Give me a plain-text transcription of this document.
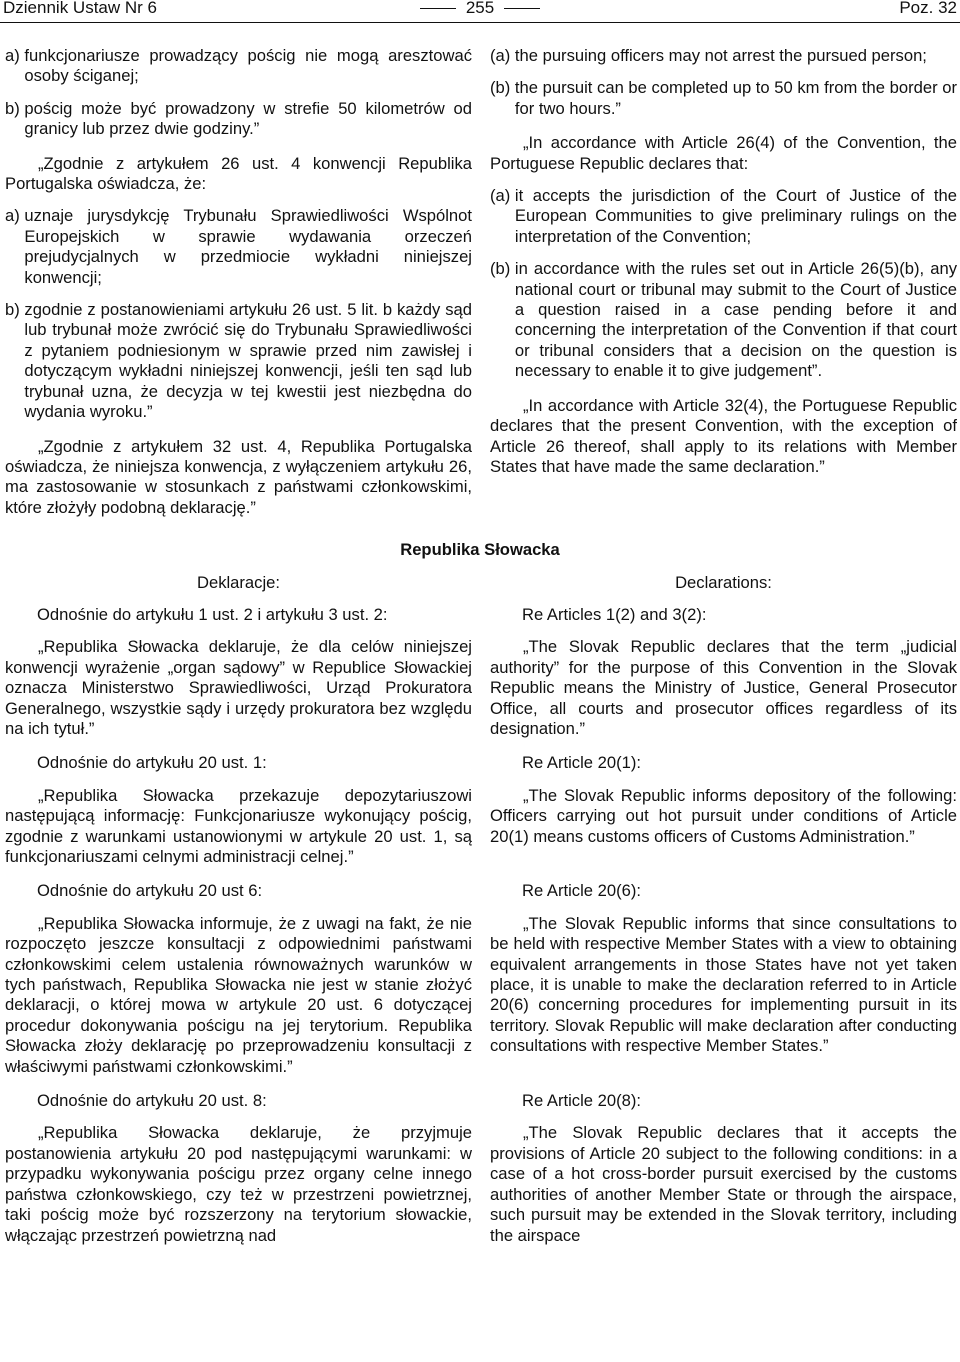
Dziennik Ustaw Nr 6	255	Poz. 32
a)
funkcjonariusze prowadzący pościg nie mogą aresztować osoby ściganej;
b)
pościg może być prowadzony w strefie 50 kilometrów od granicy lub przez dwie godziny.”

„Zgodnie z artykułem 26 ust. 4 konwencji Republika Portugalska oświadcza, że:

a)
uznaje jurysdykcję Trybunału Sprawiedliwości Wspólnot Europejskich w sprawie wydawania orzeczeń prejudycjalnych w przedmiocie wykładni niniejszej konwencji;
b)
zgodnie z postanowieniami artykułu 26 ust. 5 lit. b każdy sąd lub trybunał może zwrócić się do Trybunału Sprawiedliwości z pytaniem podniesionym w sprawie przed nim zawisłej i dotyczącym wykładni niniejszej konwencji, jeśli ten sąd lub trybunał uzna, że decyzja w tej kwestii jest niezbędna do wydania wyroku.”

„Zgodnie z artykułem 32 ust. 4, Republika Portugalska oświadcza, że niniejsza konwencja, z wyłączeniem artykułu 26, ma zastosowanie w stosunkach z państwami członkowskimi, które złożyły podobną deklarację.”

(a)
the pursuing officers may not arrest the pursued person;
(b)
the pursuit can be completed up to 50 km from the border or for two hours.”

„In accordance with Article 26(4) of the Convention, the Portuguese Republic declares that:

(a)
it accepts the jurisdiction of the Court of Justice of the European Communities to give preliminary rulings on the interpretation of the Convention;
(b)
in accordance with the rules set out in Article 26(5)(b), any national court or tribunal may submit to the Court of Justice a question raised in a case pending before it and concerning the interpretation of the Convention if that court or tribunal considers that a decision on the question is necessary to enable it to give judgement”.

„In accordance with Article 32(4), the Portuguese Republic declares that the present Convention, with the exception of Article 26 thereof, shall apply to its relations with Member States that have made the same declaration.”

Republika Słowacka
Deklaracje:	Declarations:

Odnośnie do artykułu 1 ust. 2 i artykułu 3 ust. 2:

„Republika Słowacka deklaruje, że dla celów niniejszej konwencji wyrażenie „organ sądowy” w Republice Słowackiej oznacza Ministerstwo Sprawiedliwości, Urząd Prokuratora Generalnego, wszystkie sądy i urzędy prokuratora bez względu na ich tytuł.”

Re Articles 1(2) and 3(2):

„The Slovak Republic declares that the term „judicial authority” for the purpose of this Convention in the Slovak Republic means the Ministry of Justice, General Prosecutor Office, all courts and prosecutor offices regardless of its designation.”

Odnośnie do artykułu 20 ust. 1:

„Republika Słowacka przekazuje depozytariuszowi następującą informację: Funkcjonariusze wykonujący pościg, zgodnie z warunkami ustanowionymi w artykule 20 ust. 1, są funkcjonariuszami celnymi administracji celnej.”

Re Article 20(1):

„The Slovak Republic informs depository of the following: Officers carrying out hot pursuit under conditions of Article 20(1) means customs officers of Customs Administration.”

Odnośnie do artykułu 20 ust 6:

„Republika Słowacka informuje, że z uwagi na fakt, że nie rozpoczęto jeszcze konsultacji z odpowiednimi państwami członkowskimi celem ustalenia równoważnych warunków w tych państwach, Republika Słowacka nie jest w stanie złożyć deklaracji, o której mowa w artykule 20 ust. 6 dotyczącej procedur dokonywania pościgu na jej terytorium. Republika Słowacka złoży deklarację po przeprowadzeniu konsultacji z właściwymi państwami członkowskimi.”

Re Article 20(6):

„The Slovak Republic informs that since consultations to be held with respective Member States with a view to obtaining equivalent arrangements in those States have not yet taken place, it is unable to make the declaration referred to in Article 20(6) concerning procedures for implementing pursuit in its territory. Slovak Republic will make declaration after conducting consultations with respective Member States.”

Odnośnie do artykułu 20 ust. 8:

„Republika Słowacka deklaruje, że przyjmuje postanowienia artykułu 20 pod następującymi warunkami: w przypadku wykonywania pościgu przez organy celne innego państwa członkowskiego, czy też w przestrzeni powietrznej, taki pościg może być rozszerzony na terytorium słowackie, włączając przestrzeń powietrzną nad

Re Article 20(8):

„The Slovak Republic declares that it accepts the provisions of Article 20 subject to the following conditions: in a case of a hot cross-border pursuit exercised by the customs authorities of another Member State or through the airspace, such pursuit may be extended in the Slovak territory, including the airspace
